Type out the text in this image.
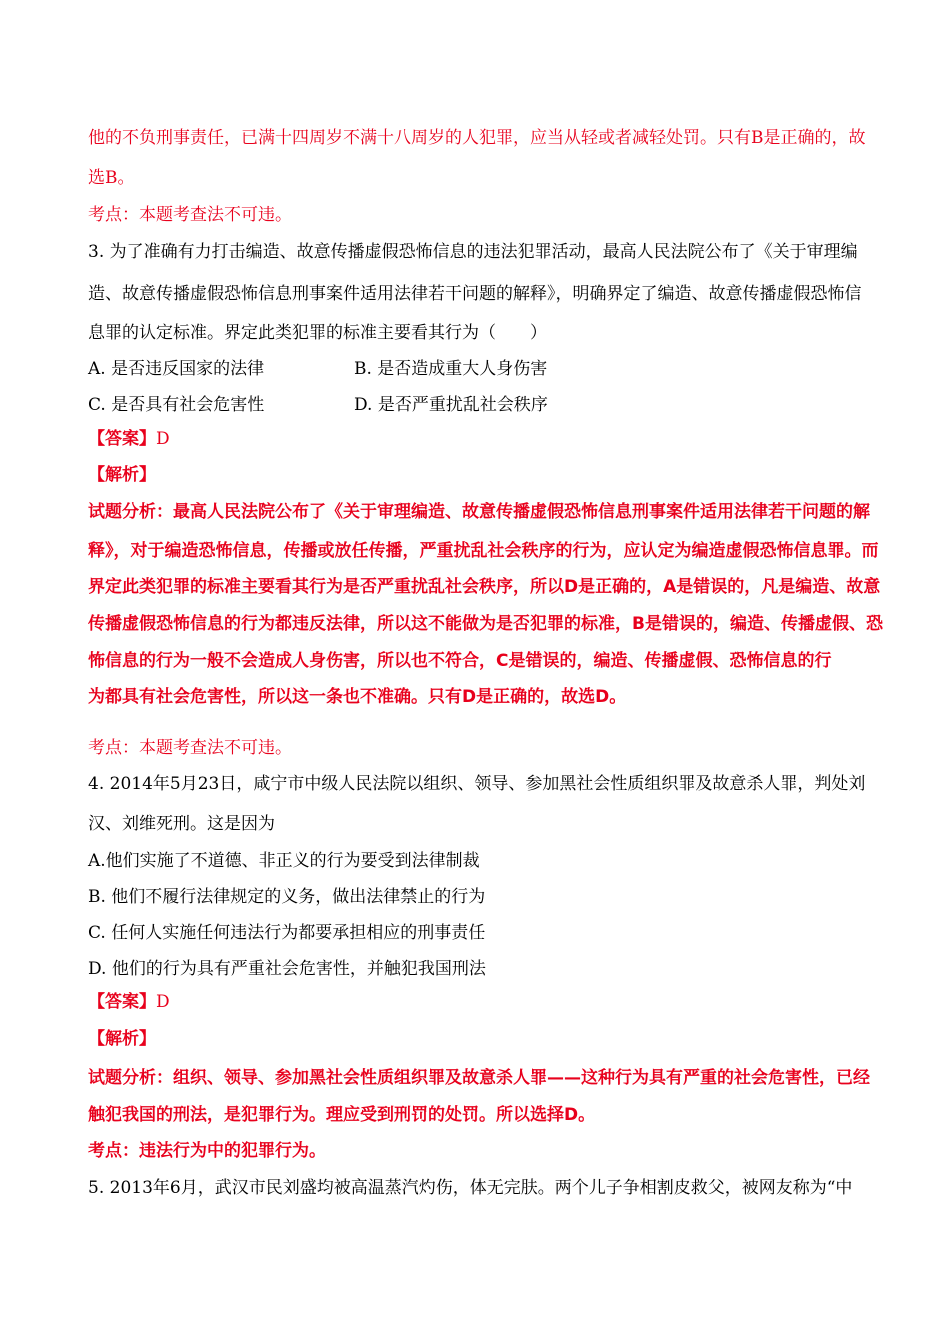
他的不负刑事责任，已满十四周岁不满十八周岁的人犯罪，应当从轻或者减轻处罚。只有B是正确的，故

选B。

考点：本题考查法不可违。

3. 为了准确有力打击编造、故意传播虚假恐怖信息的违法犯罪活动，最高人民法院公布了《关于审理编

造、故意传播虚假恐怖信息刑事案件适用法律若干问题的解释》，明确界定了编造、故意传播虚假恐怖信

息罪的认定标准。界定此类犯罪的标准主要看其行为（　　）

A. 是否违反国家的法律	B. 是否造成重大人身伤害

C. 是否具有社会危害性	D. 是否严重扰乱社会秩序

【答案】D

【解析】

试题分析：最高人民法院公布了《关于审理编造、故意传播虚假恐怖信息刑事案件适用法律若干问题的解

释》，对于编造恐怖信息，传播或放任传播，严重扰乱社会秩序的行为，应认定为编造虚假恐怖信息罪。而

界定此类犯罪的标准主要看其行为是否严重扰乱社会秩序，所以D是正确的，A是错误的，凡是编造、故意

传播虚假恐怖信息的行为都违反法律，所以这不能做为是否犯罪的标准，B是错误的，编造、传播虚假、恐

怖信息的行为一般不会造成人身伤害，所以也不符合，C是错误的，编造、传播虚假、恐怖信息的行

为都具有社会危害性，所以这一条也不准确。只有D是正确的，故选D。

考点：本题考查法不可违。

4. 2014年5月23日，咸宁市中级人民法院以组织、领导、参加黑社会性质组织罪及故意杀人罪，判处刘

汉、刘维死刑。这是因为

A.他们实施了不道德、非正义的行为要受到法律制裁

B. 他们不履行法律规定的义务，做出法律禁止的行为

C. 任何人实施任何违法行为都要承担相应的刑事责任

D. 他们的行为具有严重社会危害性，并触犯我国刑法

【答案】D

【解析】

试题分析：组织、领导、参加黑社会性质组织罪及故意杀人罪——这种行为具有严重的社会危害性，已经

触犯我国的刑法，是犯罪行为。理应受到刑罚的处罚。所以选择D。

考点：违法行为中的犯罪行为。

5. 2013年6月，武汉市民刘盛均被高温蒸汽灼伤，体无完肤。两个儿子争相割皮救父，被网友称为“中
